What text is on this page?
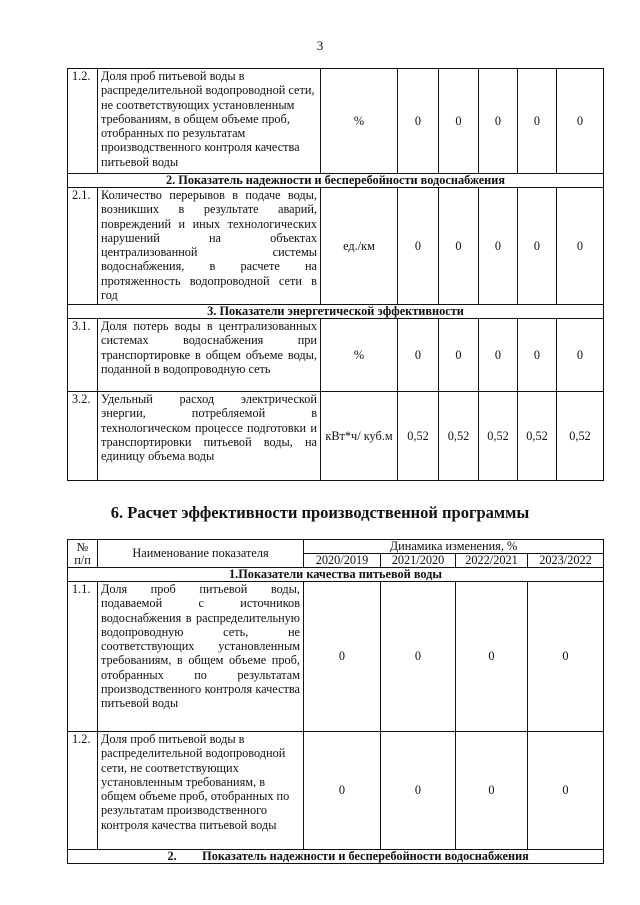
3
1.2.	Доля проб питьевой воды в распределительной водопроводной сети, не соответствующих установленным требованиям, в общем объеме проб, отобранных по результатам производственного контроля качества питьевой воды	%	0	0	0	0	0
2. Показатель надежности и бесперебойности водоснабжения							
2.1.	Количество перерывов в подаче воды, возникших в результате аварий, повреждений и иных технологических нарушений на объектах централизованной системы водоснабжения, в расчете на протяженность водопроводной сети в год	ед./км	0	0	0	0	0
3. Показатели энергетической эффективности							
3.1.	Доля потерь воды в централизованных системах водоснабжения при транспортировке в общем объеме воды, поданной в водопроводную сеть	%	0	0	0	0	0
3.2.	Удельный расход электрической энергии, потребляемой в технологическом процессе подготовки и транспортировки питьевой воды, на единицу объема воды	кВт*ч/ куб.м	0,52	0,52	0,52	0,52	0,52
6. Расчет эффективности производственной программы
№ п/п	Наименование показателя	Динамика изменения, %			
		2020/2019	2021/2020	2022/2021	2023/2022
1.Показатели качества питьевой воды					
1.1.	Доля проб питьевой воды, подаваемой с источников водоснабжения в распределительную водопроводную сеть, не соответствующих установленным требованиям, в общем объеме проб, отобранных по результатам производственного контроля качества питьевой воды	0	0	0	0
1.2.	Доля проб питьевой воды в распределительной водопроводной сети, не соответствующих установленным требованиям, в общем объеме проб, отобранных по результатам производственного контроля качества питьевой воды	0	0	0	0
2. Показатель надежности и бесперебойности водоснабжения					
